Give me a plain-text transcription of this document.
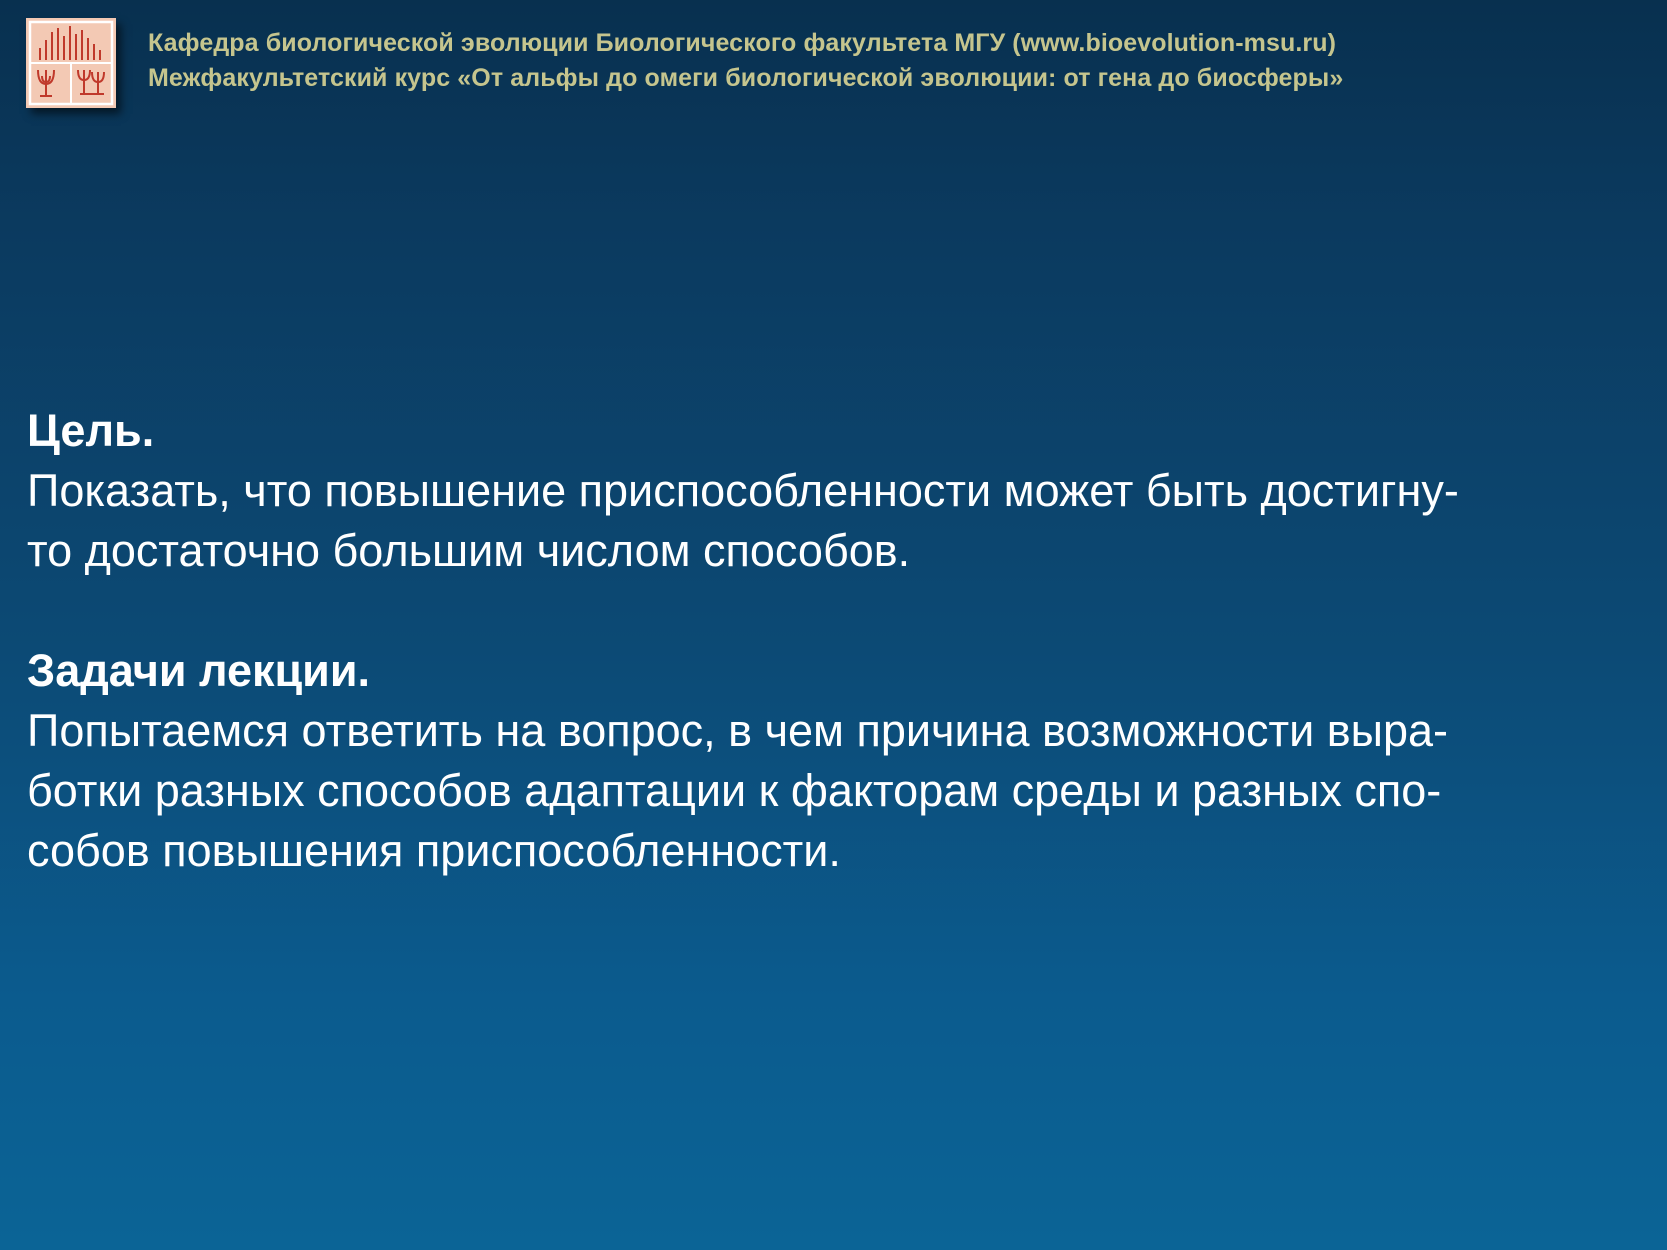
Кафедра биологической эволюции Биологического факультета МГУ (www.bioevolution-msu.ru)
Межфакультетский курс «От альфы до омеги биологической эволюции: от гена до биосферы»
Цель.
Показать, что повышение приспособленности может быть достигну-
то достаточно большим числом способов.
Задачи лекции.
Попытаемся ответить на вопрос, в чем причина возможности выра-
ботки разных способов адаптации к факторам среды и разных спо-
собов повышения приспособленности.
